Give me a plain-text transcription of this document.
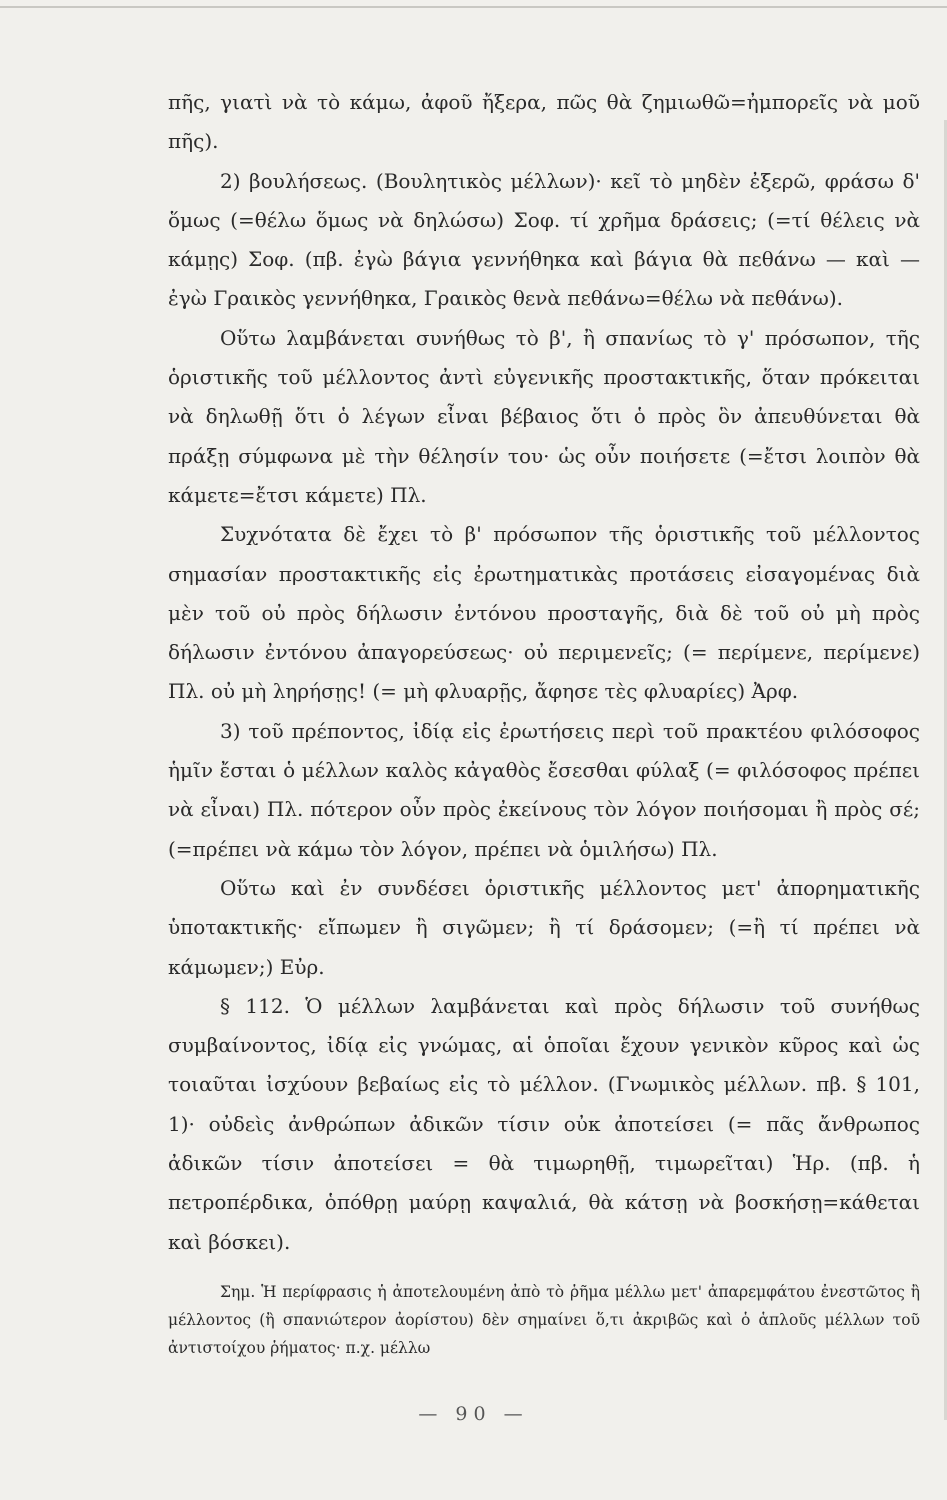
πῆς, γιατὶ νὰ τὸ κάμω, ἀφοῦ ἤξερα, πῶς θὰ ζημιωθῶ=ἠμπορεῖς νὰ μοῦ πῆς).

2) βουλήσεως. (Βουλητικὸς μέλλων)· κεῖ τὸ μηδὲν ἐξερῶ, φράσω δ' ὅμως (=θέλω ὅμως νὰ δηλώσω) Σοφ. τί χρῆμα δράσεις; (=τί θέλεις νὰ κάμῃς) Σοφ. (πβ. ἐγὼ βάγια γεννήθηκα καὶ βάγια θὰ πεθάνω — καὶ — ἐγὼ Γραικὸς γεννήθηκα, Γραικὸς θενὰ πεθάνω=θέλω νὰ πεθάνω).

Οὕτω λαμβάνεται συνήθως τὸ β', ἢ σπανίως τὸ γ' πρόσωπον, τῆς ὁριστικῆς τοῦ μέλλοντος ἀντὶ εὐγενικῆς προστακτικῆς, ὅταν πρόκειται νὰ δηλωθῇ ὅτι ὁ λέγων εἶναι βέβαιος ὅτι ὁ πρὸς ὃν ἀπευθύνεται θὰ πράξῃ σύμφωνα μὲ τὴν θέλησίν του· ὡς οὖν ποιήσετε (=ἔτσι λοιπὸν θὰ κάμετε=ἔτσι κάμετε) Πλ.

Συχνότατα δὲ ἔχει τὸ β' πρόσωπον τῆς ὁριστικῆς τοῦ μέλλοντος σημασίαν προστακτικῆς εἰς ἐρωτηματικὰς προτάσεις εἰσαγομένας διὰ μὲν τοῦ οὐ πρὸς δήλωσιν ἐντόνου προσταγῆς, διὰ δὲ τοῦ οὐ μὴ πρὸς δήλωσιν ἐντόνου ἀπαγορεύσεως· οὐ περιμενεῖς; (= περίμενε, περίμενε) Πλ. οὐ μὴ ληρήσῃς! (= μὴ φλυαρῇς, ἄφησε τὲς φλυαρίες) Ἀρφ.

3) τοῦ πρέποντος, ἰδίᾳ εἰς ἐρωτήσεις περὶ τοῦ πρακτέου φιλόσοφος ἡμῖν ἔσται ὁ μέλλων καλὸς κἀγαθὸς ἔσεσθαι φύλαξ (= φιλόσοφος πρέπει νὰ εἶναι) Πλ. πότερον οὖν πρὸς ἐκείνους τὸν λόγον ποιήσομαι ἢ πρὸς σέ; (=πρέπει νὰ κάμω τὸν λόγον, πρέπει νὰ ὁμιλήσω) Πλ.

Οὕτω καὶ ἐν συνδέσει ὁριστικῆς μέλλοντος μετ' ἀπορηματικῆς ὑποτακτικῆς· εἴπωμεν ἢ σιγῶμεν; ἢ τί δράσομεν; (=ἢ τί πρέπει νὰ κάμωμεν;) Εὐρ.

§ 112. Ὁ μέλλων λαμβάνεται καὶ πρὸς δήλωσιν τοῦ συνήθως συμβαίνοντος, ἰδίᾳ εἰς γνώμας, αἱ ὁποῖαι ἔχουν γενικὸν κῦρος καὶ ὡς τοιαῦται ἰσχύουν βεβαίως εἰς τὸ μέλλον. (Γνωμικὸς μέλλων. πβ. § 101, 1)· οὐδεὶς ἀνθρώπων ἀδικῶν τίσιν οὐκ ἀποτείσει (= πᾶς ἄνθρωπος ἀδικῶν τίσιν ἀποτείσει = θὰ τιμωρηθῇ, τιμωρεῖται) Ἡρ. (πβ. ἡ πετροπέρδικα, ὁπόθρῃ μαύρῃ καψαλιά, θὰ κάτσῃ νὰ βοσκήσῃ=κάθεται καὶ βόσκει).

Σημ. Ἡ περίφρασις ἡ ἀποτελουμένη ἀπὸ τὸ ῥῆμα μέλλω μετ' ἀπαρεμφάτου ἐνεστῶτος ἢ μέλλοντος (ἢ σπανιώτερον ἀορίστου) δὲν σημαίνει ὅ,τι ἀκριβῶς καὶ ὁ ἁπλοῦς μέλλων τοῦ ἀντιστοίχου ῥήματος· π.χ. μέλλω

— 90 —
